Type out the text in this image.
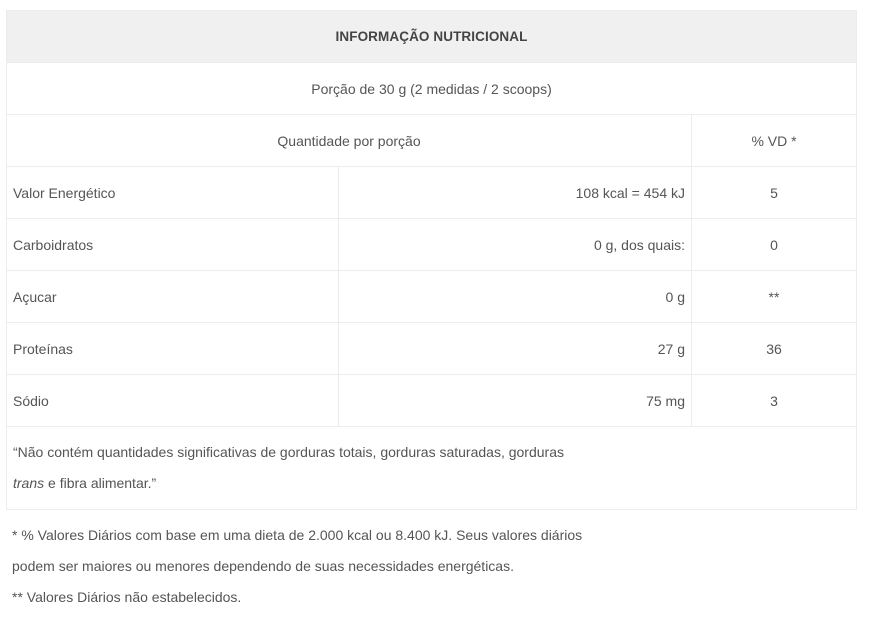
INFORMAÇÃO NUTRICIONAL		
Porção de 30 g (2 medidas / 2 scoops)		
Quantidade por porção		% VD *
Valor Energético	108 kcal = 454 kJ	5
Carboidratos	0 g, dos quais:	0
Açucar	0 g	**
Proteínas	27 g	36
Sódio	75 mg	3
“Não contém quantidades significativas de gorduras totais, gorduras saturadas, gorduras
trans e fibra alimentar.”		

* % Valores Diários com base em uma dieta de 2.000 kcal ou 8.400 kJ. Seus valores diários

podem ser maiores ou menores dependendo de suas necessidades energéticas.

** Valores Diários não estabelecidos.
